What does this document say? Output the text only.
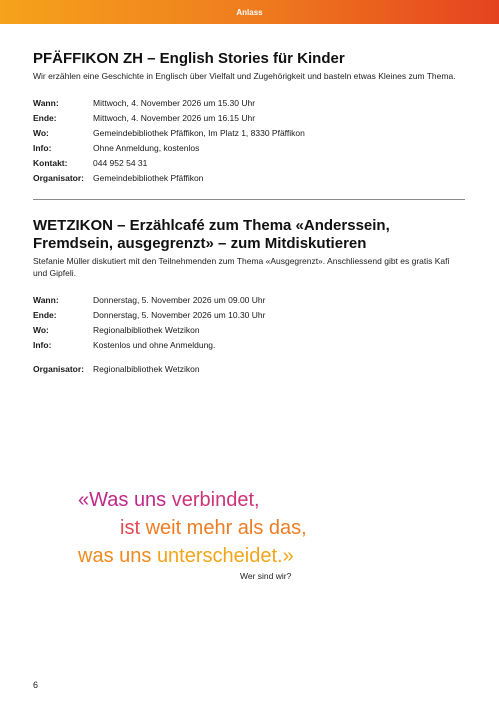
Anlass
PFÄFFIKON ZH – English Stories für Kinder

Wir erzählen eine Geschichte in Englisch über Vielfalt und Zugehörigkeit und basteln etwas Kleines zum Thema.

Wann:	Mittwoch, 4. November 2026 um 15.30 Uhr
Ende:	Mittwoch, 4. November 2026 um 16.15 Uhr
Wo:	Gemeindebibliothek Pfäffikon, Im Platz 1, 8330 Pfäffikon
Info:	Ohne Anmeldung, kostenlos
Kontakt:	044 952 54 31
Organisator:	Gemeindebibliothek Pfäffikon
WETZIKON – Erzählcafé zum Thema «Anderssein, Fremdsein, ausgegrenzt» – zum Mitdiskutieren

Stefanie Müller diskutiert mit den Teilnehmenden zum Thema «Ausgegrenzt». Anschliessend gibt es gratis Kafi und Gipfeli.

Wann:	Donnerstag, 5. November 2026 um 09.00 Uhr
Ende:	Donnerstag, 5. November 2026 um 10.30 Uhr
Wo:	Regionalbibliothek Wetzikon
Info:	Kostenlos und ohne Anmeldung.
Organisator:	Regionalbibliothek Wetzikon
«Was uns verbindet,
ist weit mehr als das,
was uns unterscheidet.»
Wer sind wir?
6
